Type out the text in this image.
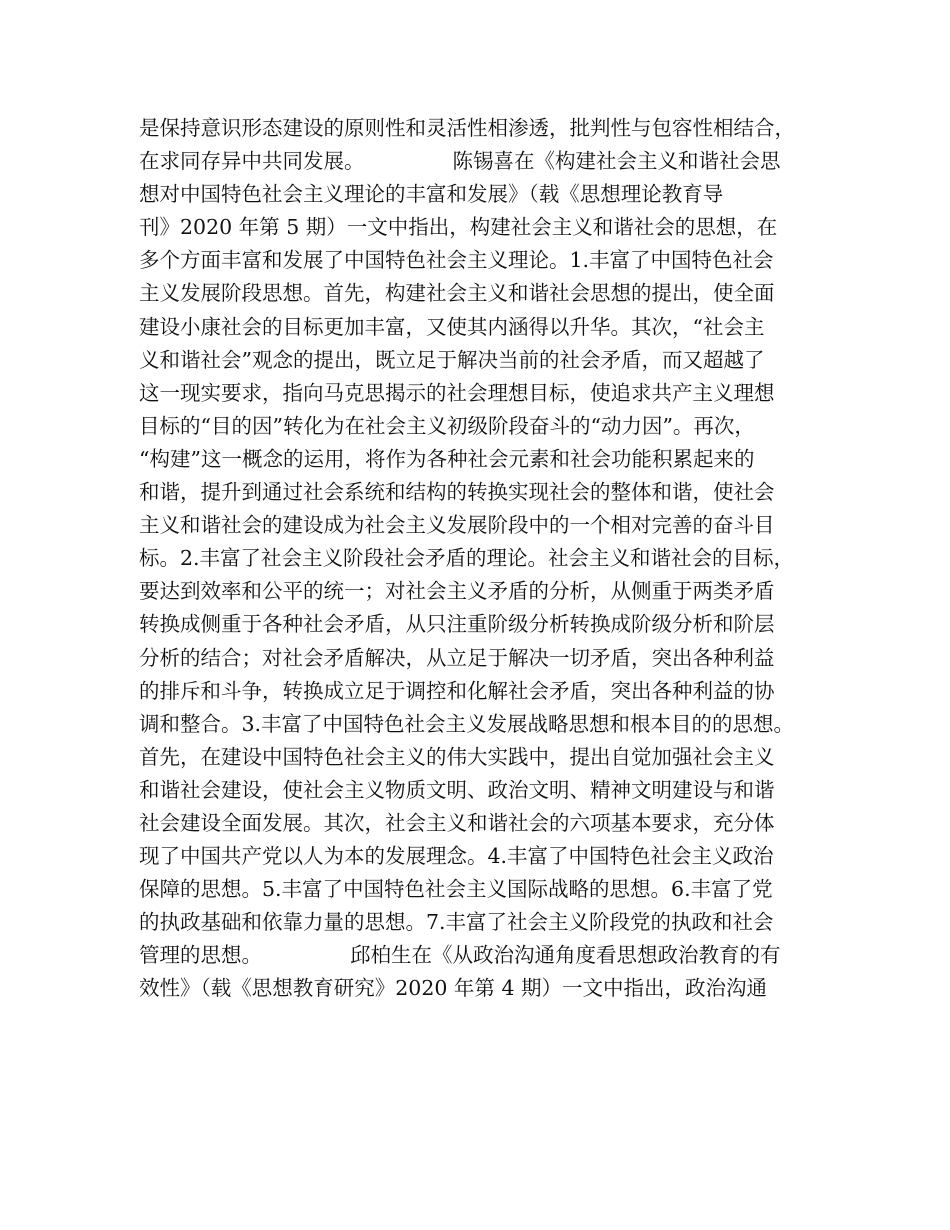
是保持意识形态建设的原则性和灵活性相渗透，批判性与包容性相结合，
在求同存异中共同发展。	陈锡喜在《构建社会主义和谐社会思
想对中国特色社会主义理论的丰富和发展》（载《思想理论教育导
刊》2020 年第 5 期）一文中指出，构建社会主义和谐社会的思想，在
多个方面丰富和发展了中国特色社会主义理论。1.丰富了中国特色社会
主义发展阶段思想。首先，构建社会主义和谐社会思想的提出，使全面
建设小康社会的目标更加丰富，又使其内涵得以升华。其次，“社会主
义和谐社会”观念的提出，既立足于解决当前的社会矛盾，而又超越了
这一现实要求，指向马克思揭示的社会理想目标，使追求共产主义理想
目标的“目的因”转化为在社会主义初级阶段奋斗的“动力因”。再次，
“构建”这一概念的运用，将作为各种社会元素和社会功能积累起来的
和谐，提升到通过社会系统和结构的转换实现社会的整体和谐，使社会
主义和谐社会的建设成为社会主义发展阶段中的一个相对完善的奋斗目
标。2.丰富了社会主义阶段社会矛盾的理论。社会主义和谐社会的目标，
要达到效率和公平的统一；对社会主义矛盾的分析，从侧重于两类矛盾
转换成侧重于各种社会矛盾，从只注重阶级分析转换成阶级分析和阶层
分析的结合；对社会矛盾解决，从立足于解决一切矛盾，突出各种利益
的排斥和斗争，转换成立足于调控和化解社会矛盾，突出各种利益的协
调和整合。3.丰富了中国特色社会主义发展战略思想和根本目的的思想。
首先，在建设中国特色社会主义的伟大实践中，提出自觉加强社会主义
和谐社会建设，使社会主义物质文明、政治文明、精神文明建设与和谐
社会建设全面发展。其次，社会主义和谐社会的六项基本要求，充分体
现了中国共产党以人为本的发展理念。4.丰富了中国特色社会主义政治
保障的思想。5.丰富了中国特色社会主义国际战略的思想。6.丰富了党
的执政基础和依靠力量的思想。7.丰富了社会主义阶段党的执政和社会
管理的思想。	邱柏生在《从政治沟通角度看思想政治教育的有
效性》（载《思想教育研究》2020 年第 4 期）一文中指出，政治沟通
